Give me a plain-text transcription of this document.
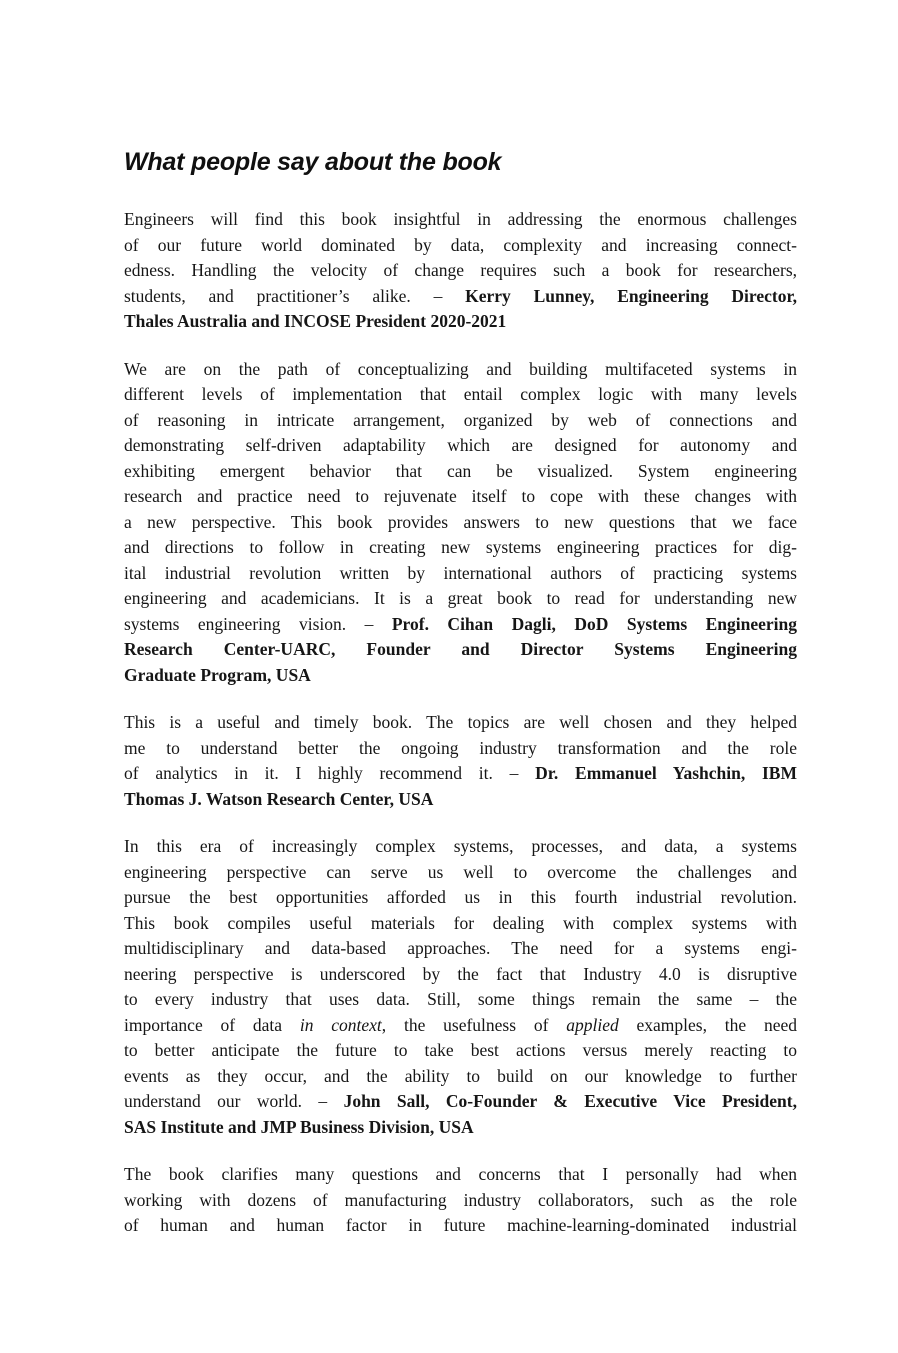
What people say about the book
Engineers will find this book insightful in addressing the enormous challenges
of our future world dominated by data, complexity and increasing connect-
edness. Handling the velocity of change requires such a book for researchers,
students, and practitioner’s alike. – Kerry Lunney, Engineering Director,
Thales Australia and INCOSE President 2020-2021
We are on the path of conceptualizing and building multifaceted systems in
different levels of implementation that entail complex logic with many levels
of reasoning in intricate arrangement, organized by web of connections and
demonstrating self-driven adaptability which are designed for autonomy and
exhibiting emergent behavior that can be visualized. System engineering
research and practice need to rejuvenate itself to cope with these changes with
a new perspective. This book provides answers to new questions that we face
and directions to follow in creating new systems engineering practices for dig-
ital industrial revolution written by international authors of practicing systems
engineering and academicians. It is a great book to read for understanding new
systems engineering vision. – Prof. Cihan Dagli, DoD Systems Engineering
Research Center-UARC, Founder and Director Systems Engineering
Graduate Program, USA
This is a useful and timely book. The topics are well chosen and they helped
me to understand better the ongoing industry transformation and the role
of analytics in it. I highly recommend it. – Dr. Emmanuel Yashchin, IBM
Thomas J. Watson Research Center, USA
In this era of increasingly complex systems, processes, and data, a systems
engineering perspective can serve us well to overcome the challenges and
pursue the best opportunities afforded us in this fourth industrial revolution.
This book compiles useful materials for dealing with complex systems with
multidisciplinary and data-based approaches. The need for a systems engi-
neering perspective is underscored by the fact that Industry 4.0 is disruptive
to every industry that uses data. Still, some things remain the same – the
importance of data in context, the usefulness of applied examples, the need
to better anticipate the future to take best actions versus merely reacting to
events as they occur, and the ability to build on our knowledge to further
understand our world. – John Sall, Co-Founder & Executive Vice President,
SAS Institute and JMP Business Division, USA
The book clarifies many questions and concerns that I personally had when
working with dozens of manufacturing industry collaborators, such as the role
of human and human factor in future machine-learning-dominated industrial
